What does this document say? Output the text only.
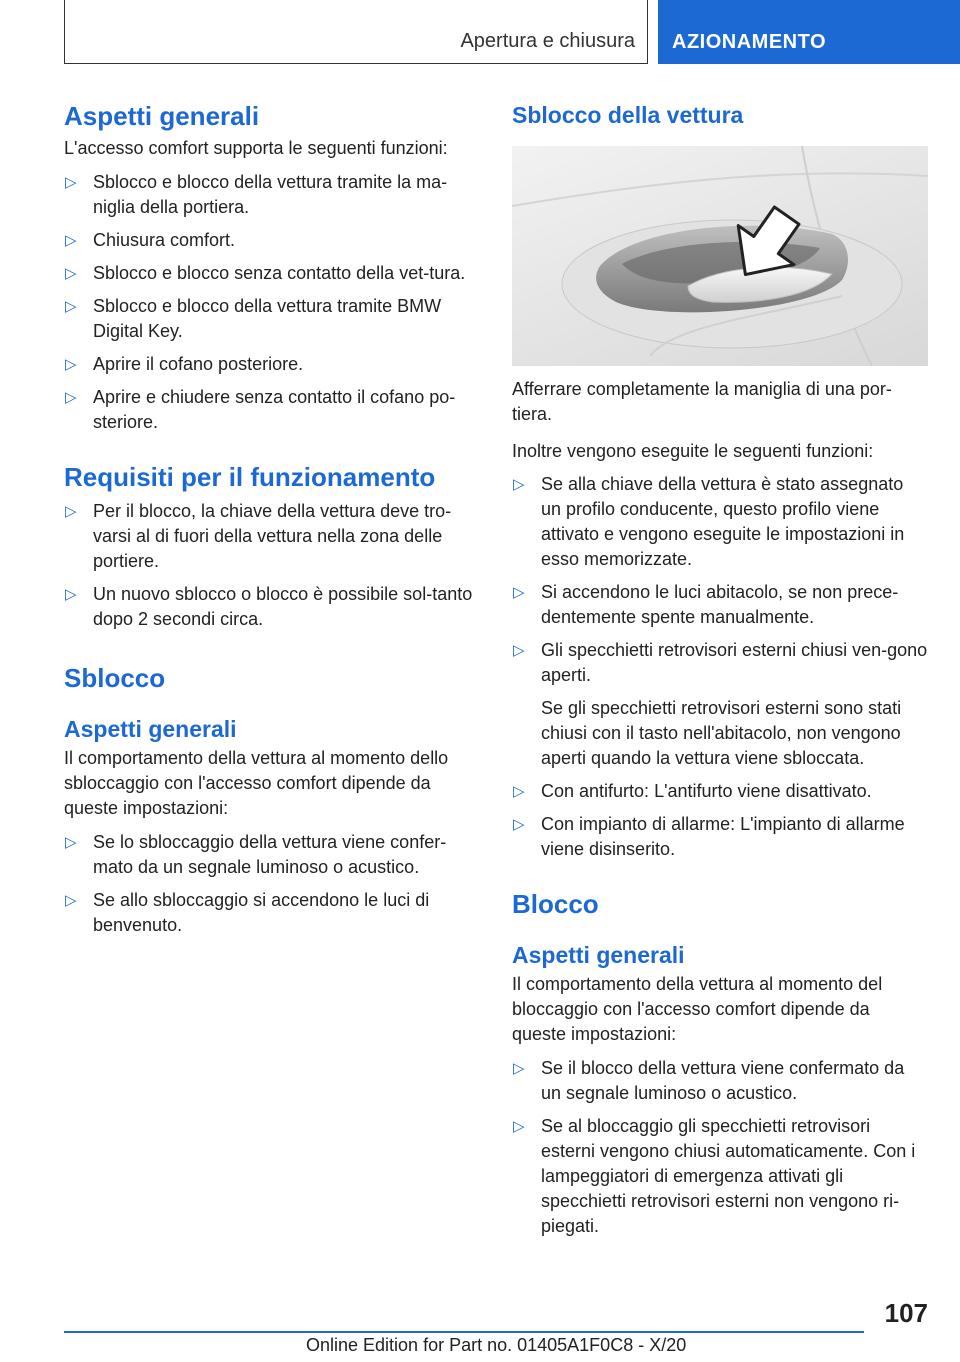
Apertura e chiusura AZIONAMENTO
Aspetti generali

L'accesso comfort supporta le seguenti funzioni:

▷ Sblocco e blocco della vettura tramite la ma-niglia della portiera.
▷ Chiusura comfort.
▷ Sblocco e blocco senza contatto della vet-tura.
▷ Sblocco e blocco della vettura tramite BMW Digital Key.
▷ Aprire il cofano posteriore.
▷ Aprire e chiudere senza contatto il cofano po-steriore.
Requisiti per il funzionamento
▷ Per il blocco, la chiave della vettura deve tro-varsi al di fuori della vettura nella zona delle portiere.
▷ Un nuovo sblocco o blocco è possibile sol-tanto dopo 2 secondi circa.
Sblocco
Aspetti generali

Il comportamento della vettura al momento dello sbloccaggio con l'accesso comfort dipende da queste impostazioni:

▷ Se lo sbloccaggio della vettura viene confer-mato da un segnale luminoso o acustico.
▷ Se allo sbloccaggio si accendono le luci di benvenuto.
Sblocco della vettura

Afferrare completamente la maniglia di una por-tiera.

Inoltre vengono eseguite le seguenti funzioni:

▷ Se alla chiave della vettura è stato assegnato un profilo conducente, questo profilo viene attivato e vengono eseguite le impostazioni in esso memorizzate.
▷ Si accendono le luci abitacolo, se non prece-dentemente spente manualmente.
▷ Gli specchietti retrovisori esterni chiusi ven-gono aperti.

Se gli specchietti retrovisori esterni sono stati chiusi con il tasto nell'abitacolo, non vengono aperti quando la vettura viene sbloccata.

▷ Con antifurto: L'antifurto viene disattivato.
▷ Con impianto di allarme: L'impianto di allarme viene disinserito.
Blocco
Aspetti generali

Il comportamento della vettura al momento del bloccaggio con l'accesso comfort dipende da queste impostazioni:

▷ Se il blocco della vettura viene confermato da un segnale luminoso o acustico.
▷ Se al bloccaggio gli specchietti retrovisori esterni vengono chiusi automaticamente. Con i lampeggiatori di emergenza attivati gli specchietti retrovisori esterni non vengono ri-piegati.
107
Online Edition for Part no. 01405A1F0C8 - X/20
